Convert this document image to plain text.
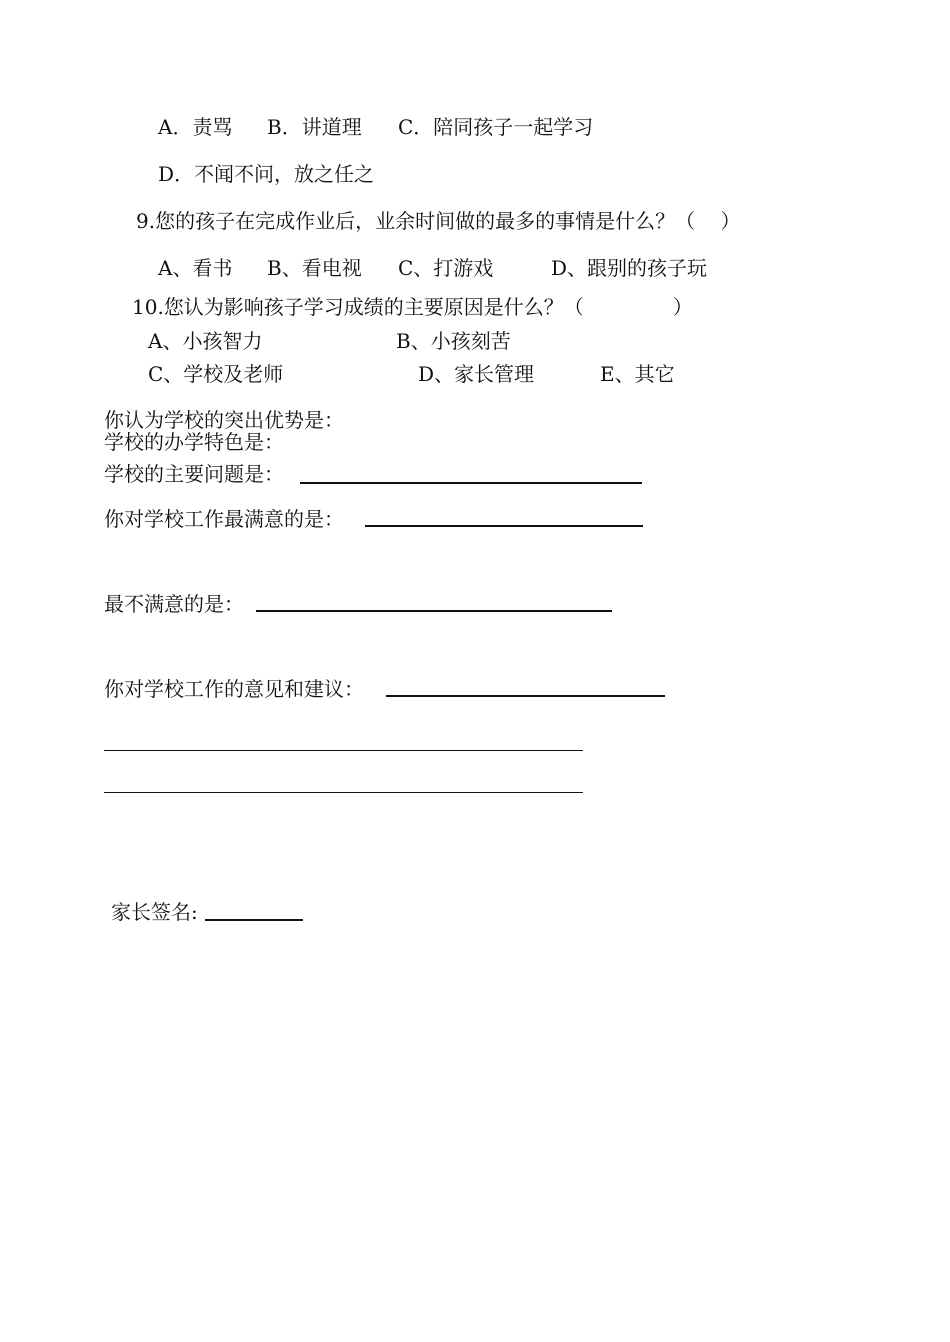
A．责骂 B．讲道理 C．陪同孩子一起学习
D．不闻不问，放之任之
9.您的孩子在完成作业后，业余时间做的最多的事情是什么？（    ）
A、看书 B、看电视 C、打游戏	D、跟别的孩子玩
10.您认为影响孩子学习成绩的主要原因是什么？（              ）
A、小孩智力	B、小孩刻苦
C、学校及老师	D、家长管理	E、其它
你认为学校的突出优势是：
学校的办学特色是：
学校的主要问题是：
你对学校工作最满意的是：
最不满意的是：
你对学校工作的意见和建议：
家长签名:
